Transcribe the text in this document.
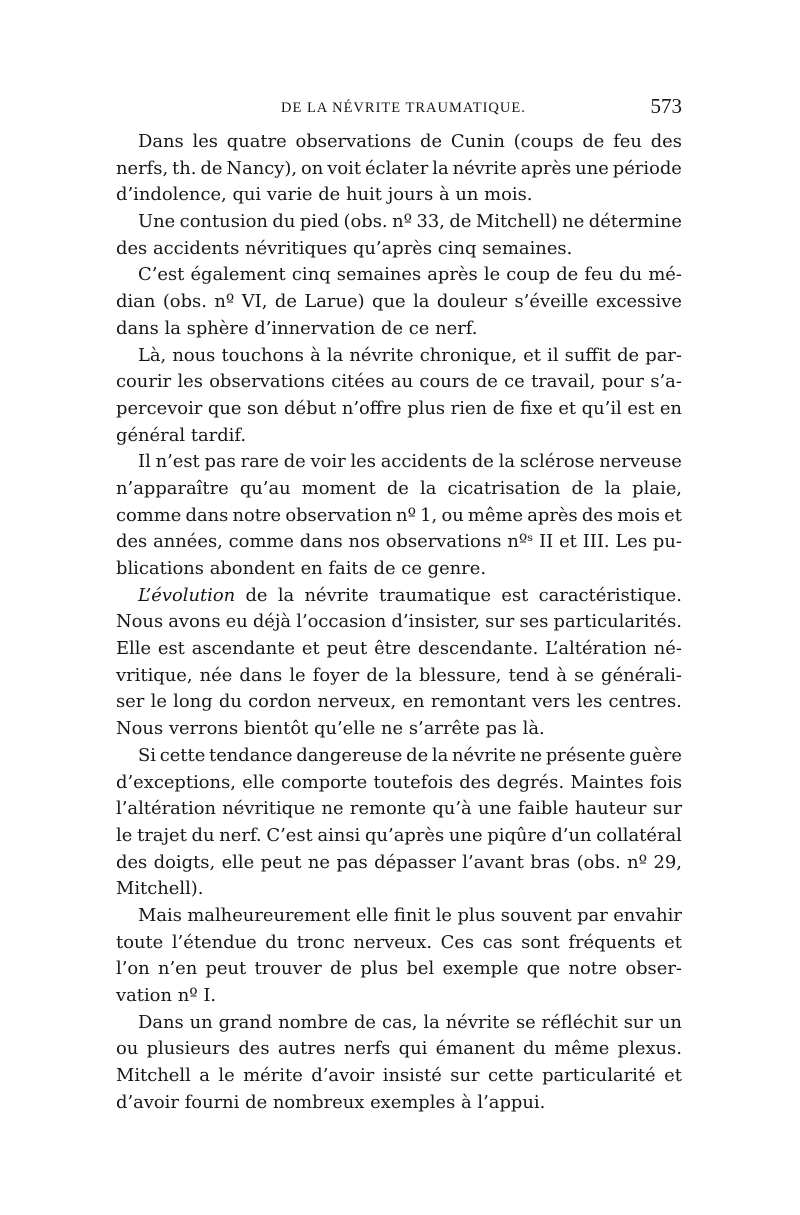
DE LA NÉVRITE TRAUMATIQUE.	573
Dans les quatre observations de Cunin (coups de feu des
nerfs, th. de Nancy), on voit éclater la névrite après une période
d’indolence, qui varie de huit jours à un mois.
Une contusion du pied (obs. nº 33, de Mitchell) ne détermine
des accidents névritiques qu’après cinq semaines.
C’est également cinq semaines après le coup de feu du mé-
dian (obs. nº VI, de Larue) que la douleur s’éveille excessive
dans la sphère d’innervation de ce nerf.
Là, nous touchons à la névrite chronique, et il suffit de par-
courir les observations citées au cours de ce travail, pour s’a-
percevoir que son début n’offre plus rien de fixe et qu’il est en
général tardif.
Il n’est pas rare de voir les accidents de la sclérose nerveuse
n’apparaître qu’au moment de la cicatrisation de la plaie,
comme dans notre observation nº 1, ou même après des mois et
des années, comme dans nos observations nºˢ II et III. Les pu-
blications abondent en faits de ce genre.
L’évolution de la névrite traumatique est caractéristique.
Nous avons eu déjà l’occasion d’insister, sur ses particularités.
Elle est ascendante et peut être descendante. L’altération né-
vritique, née dans le foyer de la blessure, tend à se générali-
ser le long du cordon nerveux, en remontant vers les centres.
Nous verrons bientôt qu’elle ne s’arrête pas là.
Si cette tendance dangereuse de la névrite ne présente guère
d’exceptions, elle comporte toutefois des degrés. Maintes fois
l’altération névritique ne remonte qu’à une faible hauteur sur
le trajet du nerf. C’est ainsi qu’après une piqûre d’un collatéral
des doigts, elle peut ne pas dépasser l’avant bras (obs. nº 29,
Mitchell).
Mais malheureurement elle finit le plus souvent par envahir
toute l’étendue du tronc nerveux. Ces cas sont fréquents et
l’on n’en peut trouver de plus bel exemple que notre obser-
vation nº I.
Dans un grand nombre de cas, la névrite se réfléchit sur un
ou plusieurs des autres nerfs qui émanent du même plexus.
Mitchell a le mérite d’avoir insisté sur cette particularité et
d’avoir fourni de nombreux exemples à l’appui.
